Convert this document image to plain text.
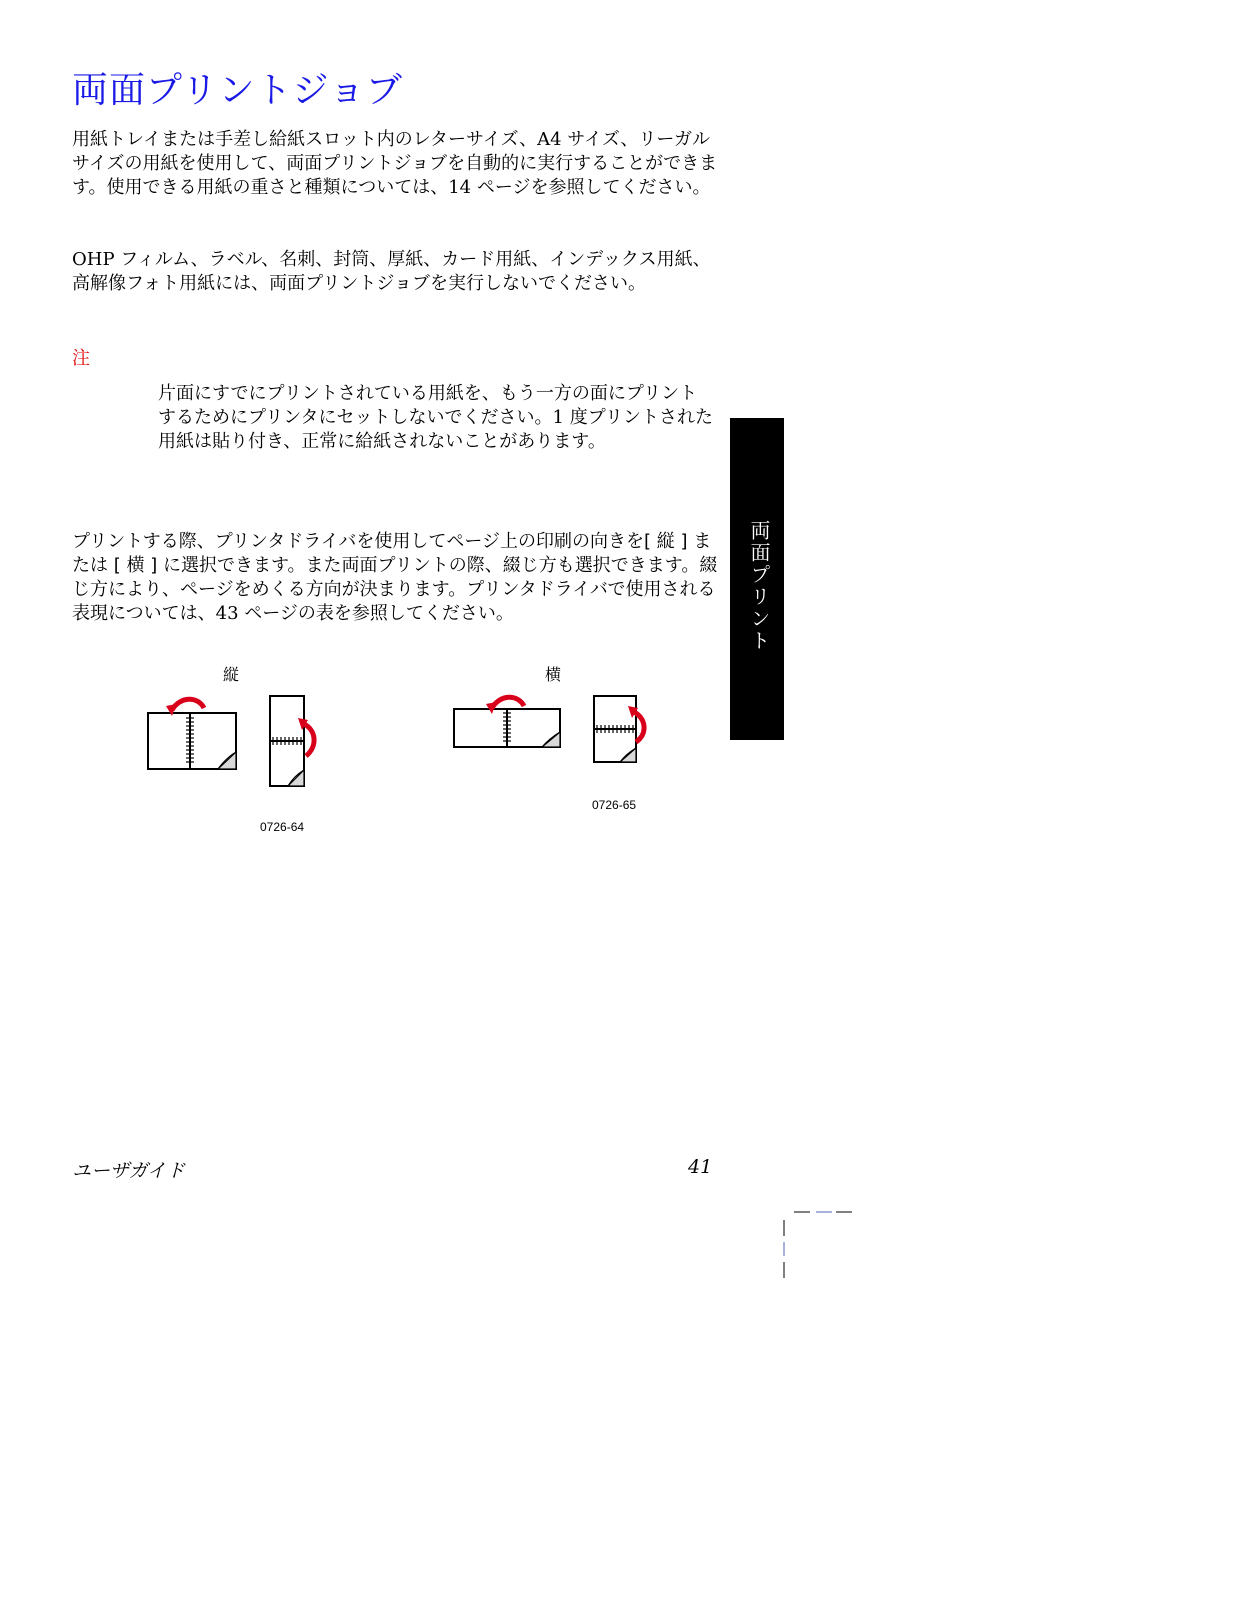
両面プリントジョブ

用紙トレイまたは手差し給紙スロット内のレターサイズ、A4 サイズ、リーガルサイズの用紙を使用して、両面プリントジョブを自動的に実行することができます。使用できる用紙の重さと種類については、14 ページを参照してください。

OHP フィルム、ラベル、名刺、封筒、厚紙、カード用紙、インデックス用紙、高解像フォト用紙には、両面プリントジョブを実行しないでください。

注

片面にすでにプリントされている用紙を、もう一方の面にプリントするためにプリンタにセットしないでください。1 度プリントされた用紙は貼り付き、正常に給紙されないことがあります。

プリントする際、プリンタドライバを使用してページ上の印刷の向きを[ 縦 ] または [ 横 ] に選択できます。また両面プリントの際、綴じ方も選択できます。綴じ方により、ページをめくる方向が決まります。プリンタドライバで使用される表現については、43 ページの表を参照してください。	両面プリント
縦
0726-64
横
0726-65

ユーザガイド	41
